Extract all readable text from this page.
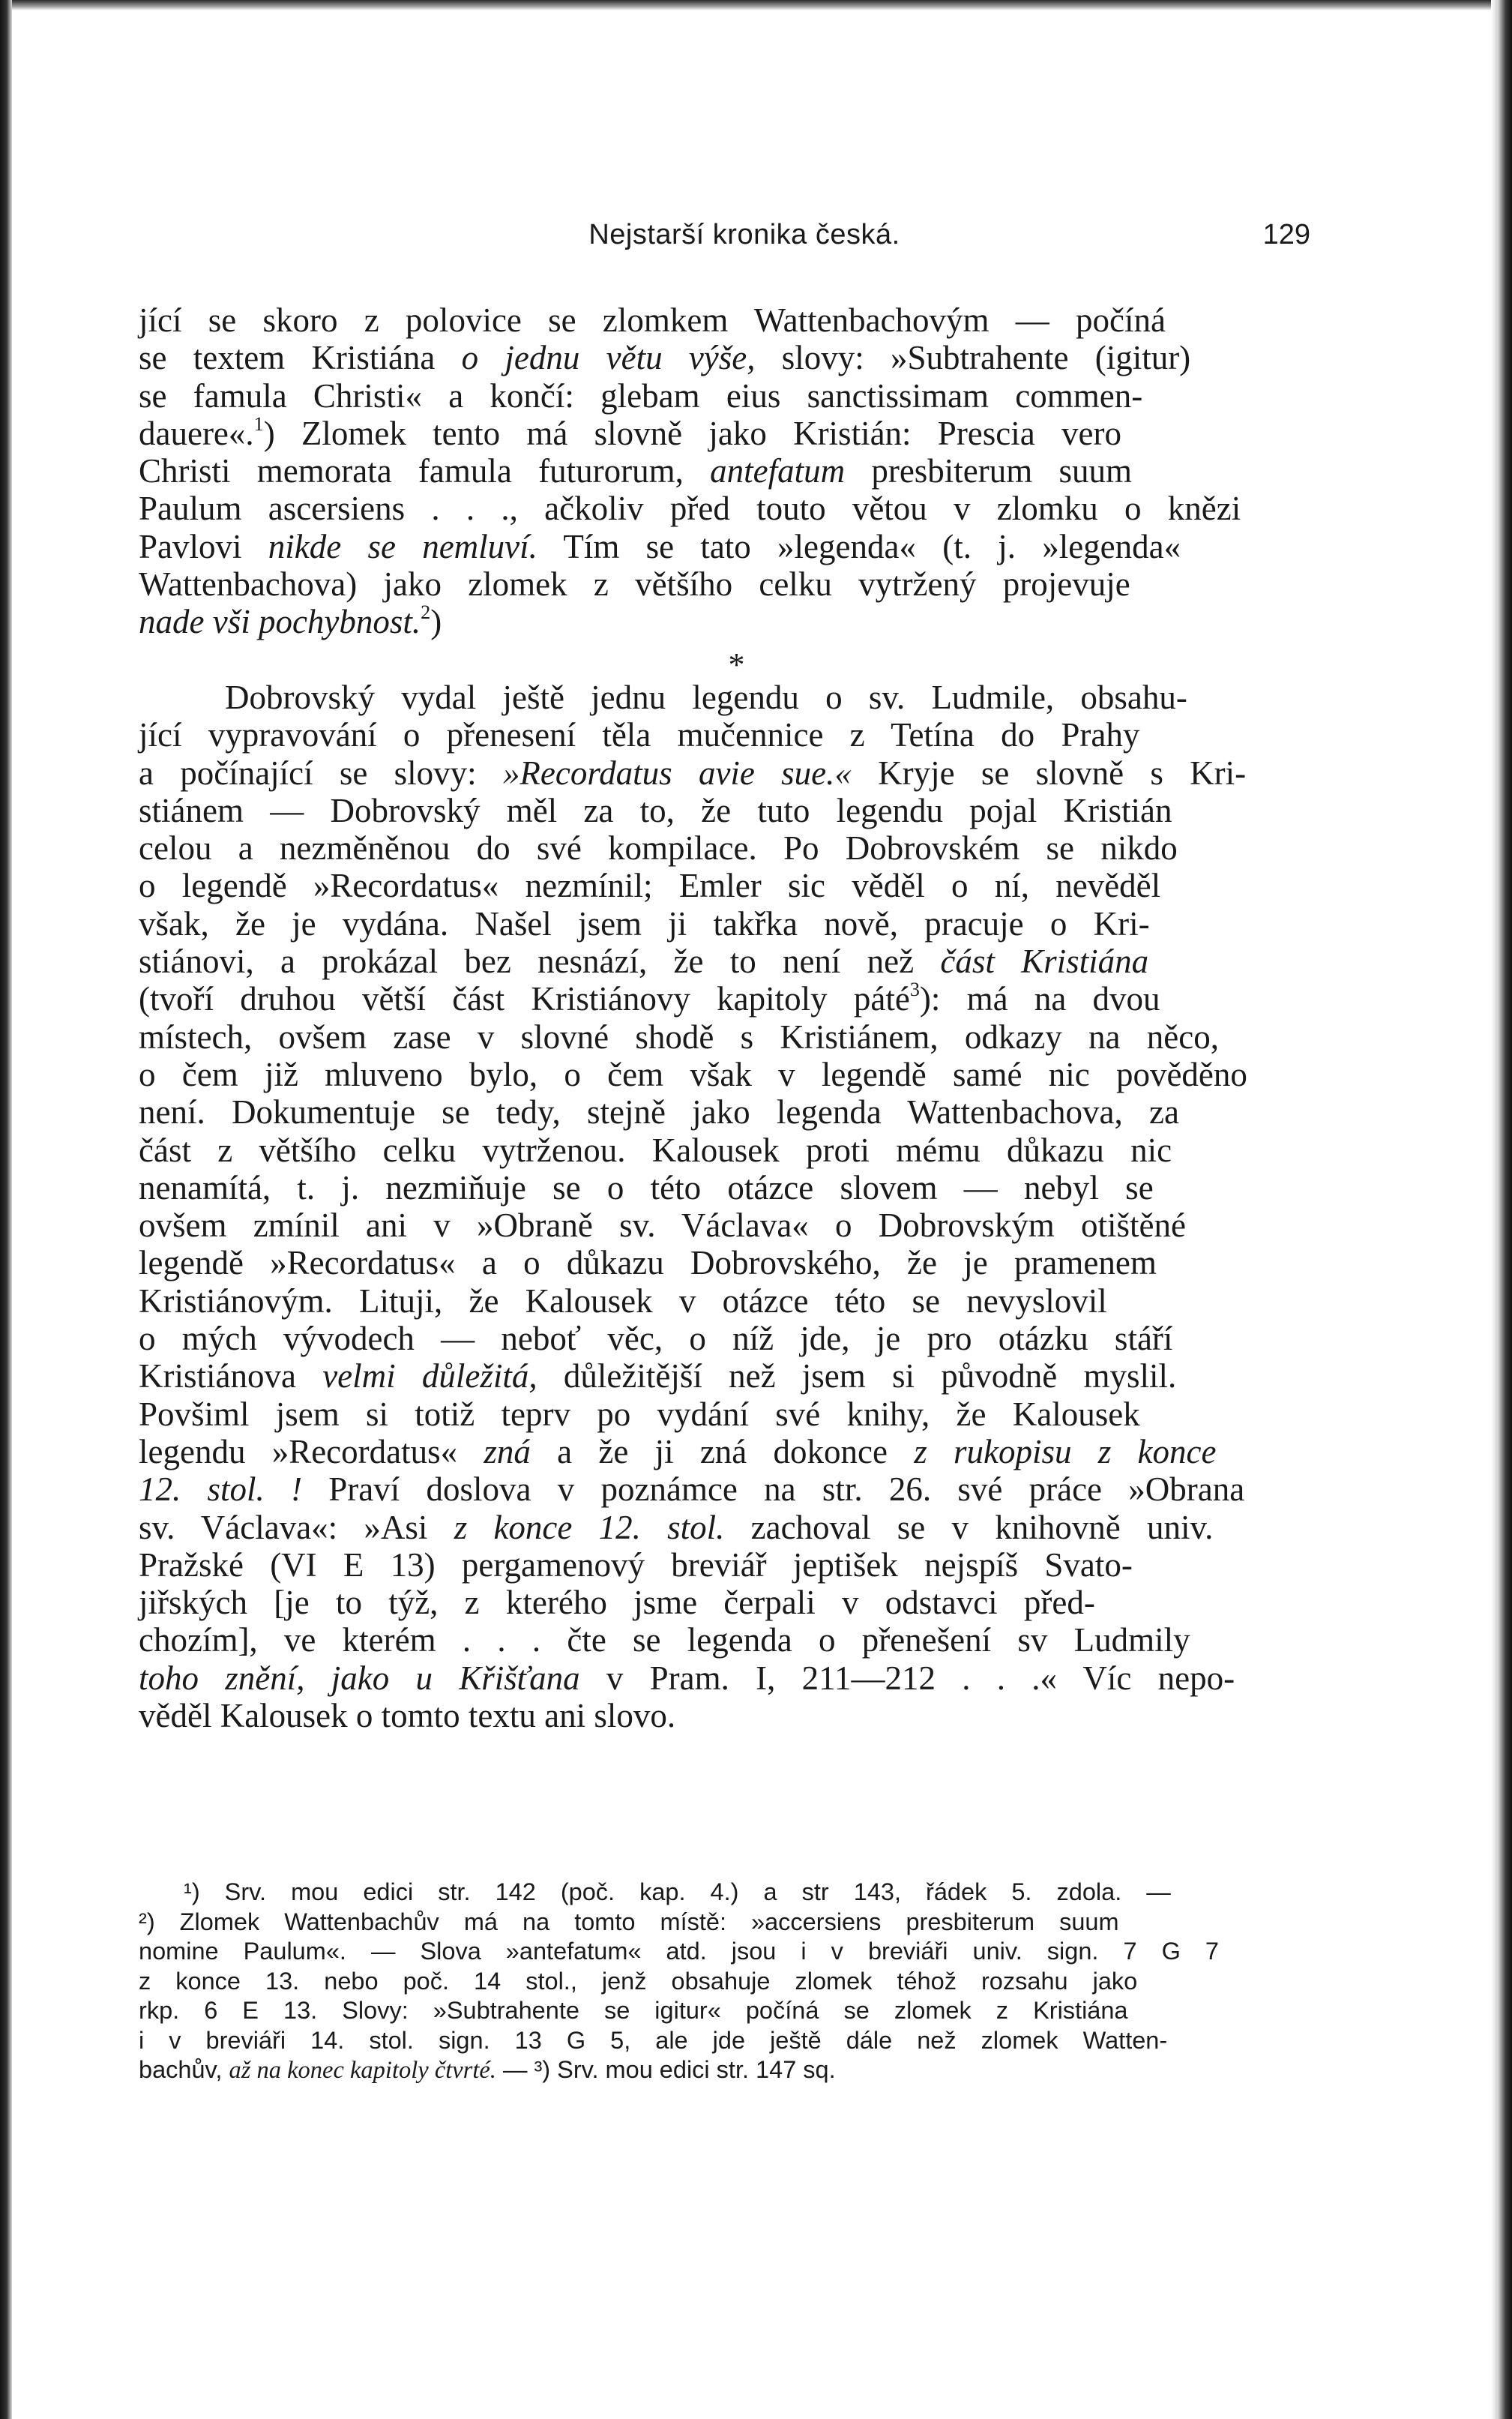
Nejstarší kronika česká.	129
jící se skoro z polovice se zlomkem Wattenbachovým — počíná
se textem Kristiána o jednu větu výše, slovy: »Subtrahente (igitur)
se famula Christi« a končí: glebam eius sanctissimam commen-
dauere«.$^1$) Zlomek tento má slovně jako Kristián: Prescia vero
Christi memorata famula futurorum, antefatum presbiterum suum
Paulum ascersiens . . ., ačkoliv před touto větou v zlomku o knězi
Pavlovi nikde se nemluví. Tím se tato »legenda« (t. j. »legenda«
Wattenbachova) jako zlomek z většího celku vytržený projevuje
nade vši pochybnost.$^2$)
*
Dobrovský vydal ještě jednu legendu o sv. Ludmile, obsahu-
jící vypravování o přenesení těla mučennice z Tetína do Prahy
a počínající se slovy: »Recordatus avie sue.« Kryje se slovně s Kri-
stiánem — Dobrovský měl za to, že tuto legendu pojal Kristián
celou a nezměněnou do své kompilace. Po Dobrovském se nikdo
o legendě »Recordatus« nezmínil; Emler sic věděl o ní, nevěděl
však, že je vydána. Našel jsem ji takřka nově, pracuje o Kri-
stiánovi, a prokázal bez nesnází, že to není než část Kristiána
(tvoří druhou větší část Kristiánovy kapitoly páté$^3$): má na dvou
místech, ovšem zase v slovné shodě s Kristiánem, odkazy na něco,
o čem již mluveno bylo, o čem však v legendě samé nic pověděno
není. Dokumentuje se tedy, stejně jako legenda Wattenbachova, za
část z většího celku vytrženou. Kalousek proti mému důkazu nic
nenamítá, t. j. nezmiňuje se o této otázce slovem — nebyl se
ovšem zmínil ani v »Obraně sv. Václava« o Dobrovským otištěné
legendě »Recordatus« a o důkazu Dobrovského, že je pramenem
Kristiánovým. Lituji, že Kalousek v otázce této se nevyslovil
o mých vývodech — neboť věc, o níž jde, je pro otázku stáří
Kristiánova velmi důležitá, důležitější než jsem si původně myslil.
Povšiml jsem si totiž teprv po vydání své knihy, že Kalousek
legendu »Recordatus« zná a že ji zná dokonce z rukopisu z konce
12. stol. ! Praví doslova v poznámce na str. 26. své práce »Obrana
sv. Václava«: »Asi z konce 12. stol. zachoval se v knihovně univ.
Pražské (VI E 13) pergamenový breviář jeptišek nejspíš Svato-
jiřských [je to týž, z kterého jsme čerpali v odstavci před-
chozím], ve kterém . . . čte se legenda o přenešení sv Ludmily
toho znění, jako u Křišťana v Pram. I, 211—212 . . .« Víc nepo-
věděl Kalousek o tomto textu ani slovo.
¹) Srv. mou edici str. 142 (poč. kap. 4.) a str 143, řádek 5. zdola. —
²) Zlomek Wattenbachův má na tomto místě: »accersiens presbiterum suum
nomine Paulum«. — Slova »antefatum« atd. jsou i v breviáři univ. sign. 7 G 7
z konce 13. nebo poč. 14 stol., jenž obsahuje zlomek téhož rozsahu jako
rkp. 6 E 13. Slovy: »Subtrahente se igitur« počíná se zlomek z Kristiána
i v breviáři 14. stol. sign. 13 G 5, ale jde ještě dále než zlomek Watten-
bachův, až na konec kapitoly čtvrté. — ³) Srv. mou edici str. 147 sq.
